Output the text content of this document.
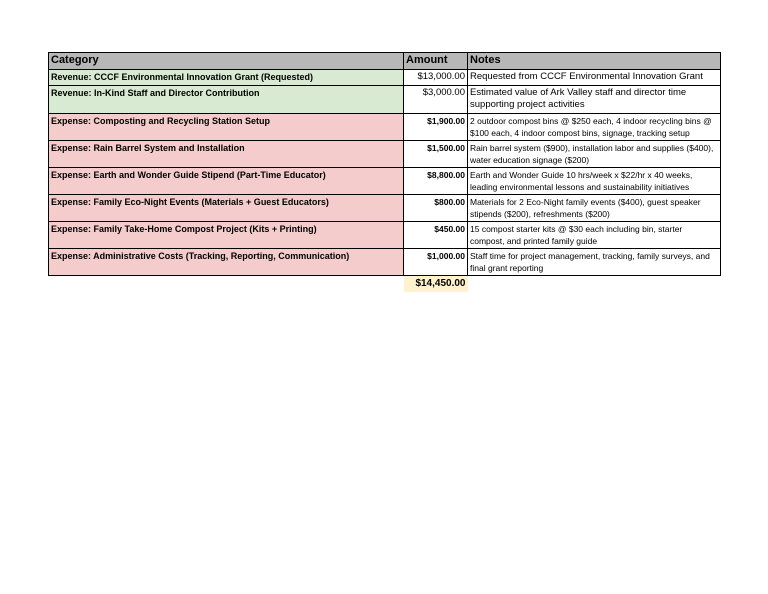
Category	Amount	Notes
Revenue: CCCF Environmental Innovation Grant (Requested)	$13,000.00	Requested from CCCF Environmental Innovation Grant
Revenue: In-Kind Staff and Director Contribution	$3,000.00	Estimated value of Ark Valley staff and director time supporting project activities
Expense: Composting and Recycling Station Setup	$1,900.00	2 outdoor compost bins @ $250 each, 4 indoor recycling bins @ $100 each, 4 indoor compost bins, signage, tracking setup
Expense: Rain Barrel System and Installation	$1,500.00	Rain barrel system ($900), installation labor and supplies ($400), water education signage ($200)
Expense: Earth and Wonder Guide Stipend (Part-Time Educator)	$8,800.00	Earth and Wonder Guide 10 hrs/week x $22/hr x 40 weeks, leading environmental lessons and sustainability initiatives
Expense: Family Eco-Night Events (Materials + Guest Educators)	$800.00	Materials for 2 Eco-Night family events ($400), guest speaker stipends ($200), refreshments ($200)
Expense: Family Take-Home Compost Project (Kits + Printing)	$450.00	15 compost starter kits @ $30 each including bin, starter compost, and printed family guide
Expense: Administrative Costs (Tracking, Reporting, Communication)	$1,000.00	Staff time for project management, tracking, family surveys, and final grant reporting
	$14,450.00	
